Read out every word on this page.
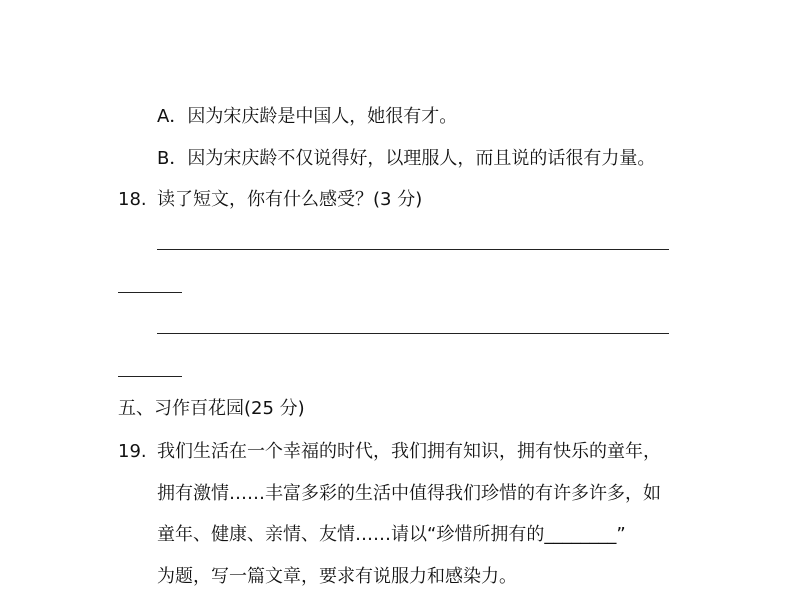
A．因为宋庆龄是中国人，她很有才。
B．因为宋庆龄不仅说得好，以理服人，而且说的话很有力量。
18. 读了短文，你有什么感受？(3 分)
五、习作百花园(25 分)
19. 我们生活在一个幸福的时代，我们拥有知识，拥有快乐的童年，
拥有激情……丰富多彩的生活中值得我们珍惜的有许多许多，如
童年、健康、亲情、友情……请以“珍惜所拥有的________”
为题，写一篇文章，要求有说服力和感染力。
